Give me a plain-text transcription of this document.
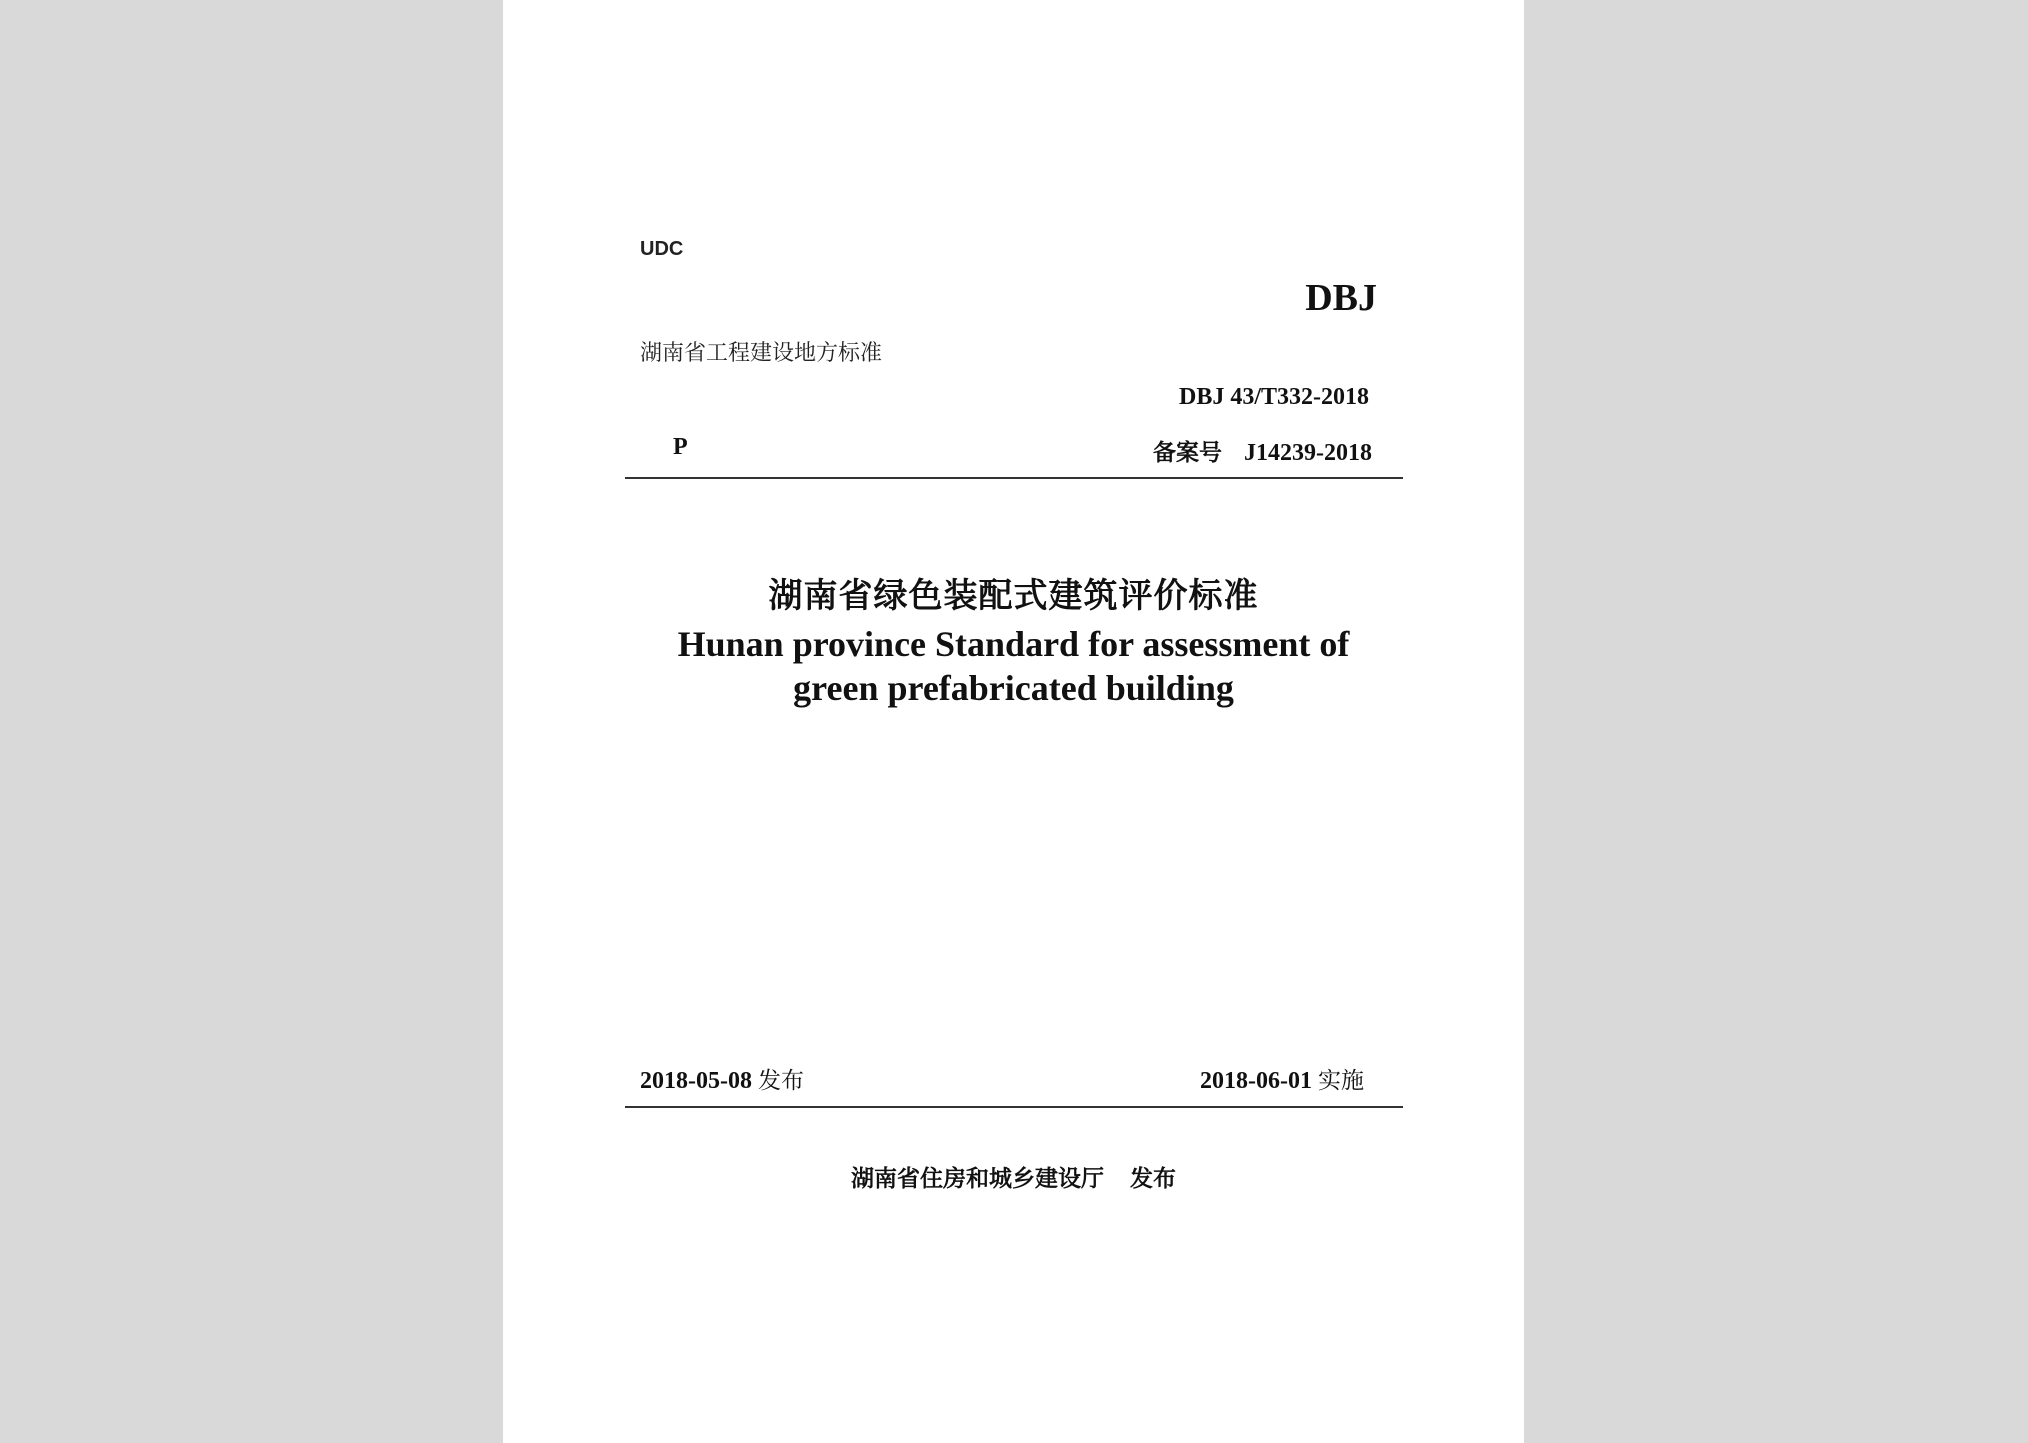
UDC
DBJ
湖南省工程建设地方标准
DBJ 43/T332-2018
P	备案号 J14239-2018
湖南省绿色装配式建筑评价标准
Hunan province Standard for assessment of
green prefabricated building
2018-05-08 发布	2018-06-01 实施
湖南省住房和城乡建设厅 发布
